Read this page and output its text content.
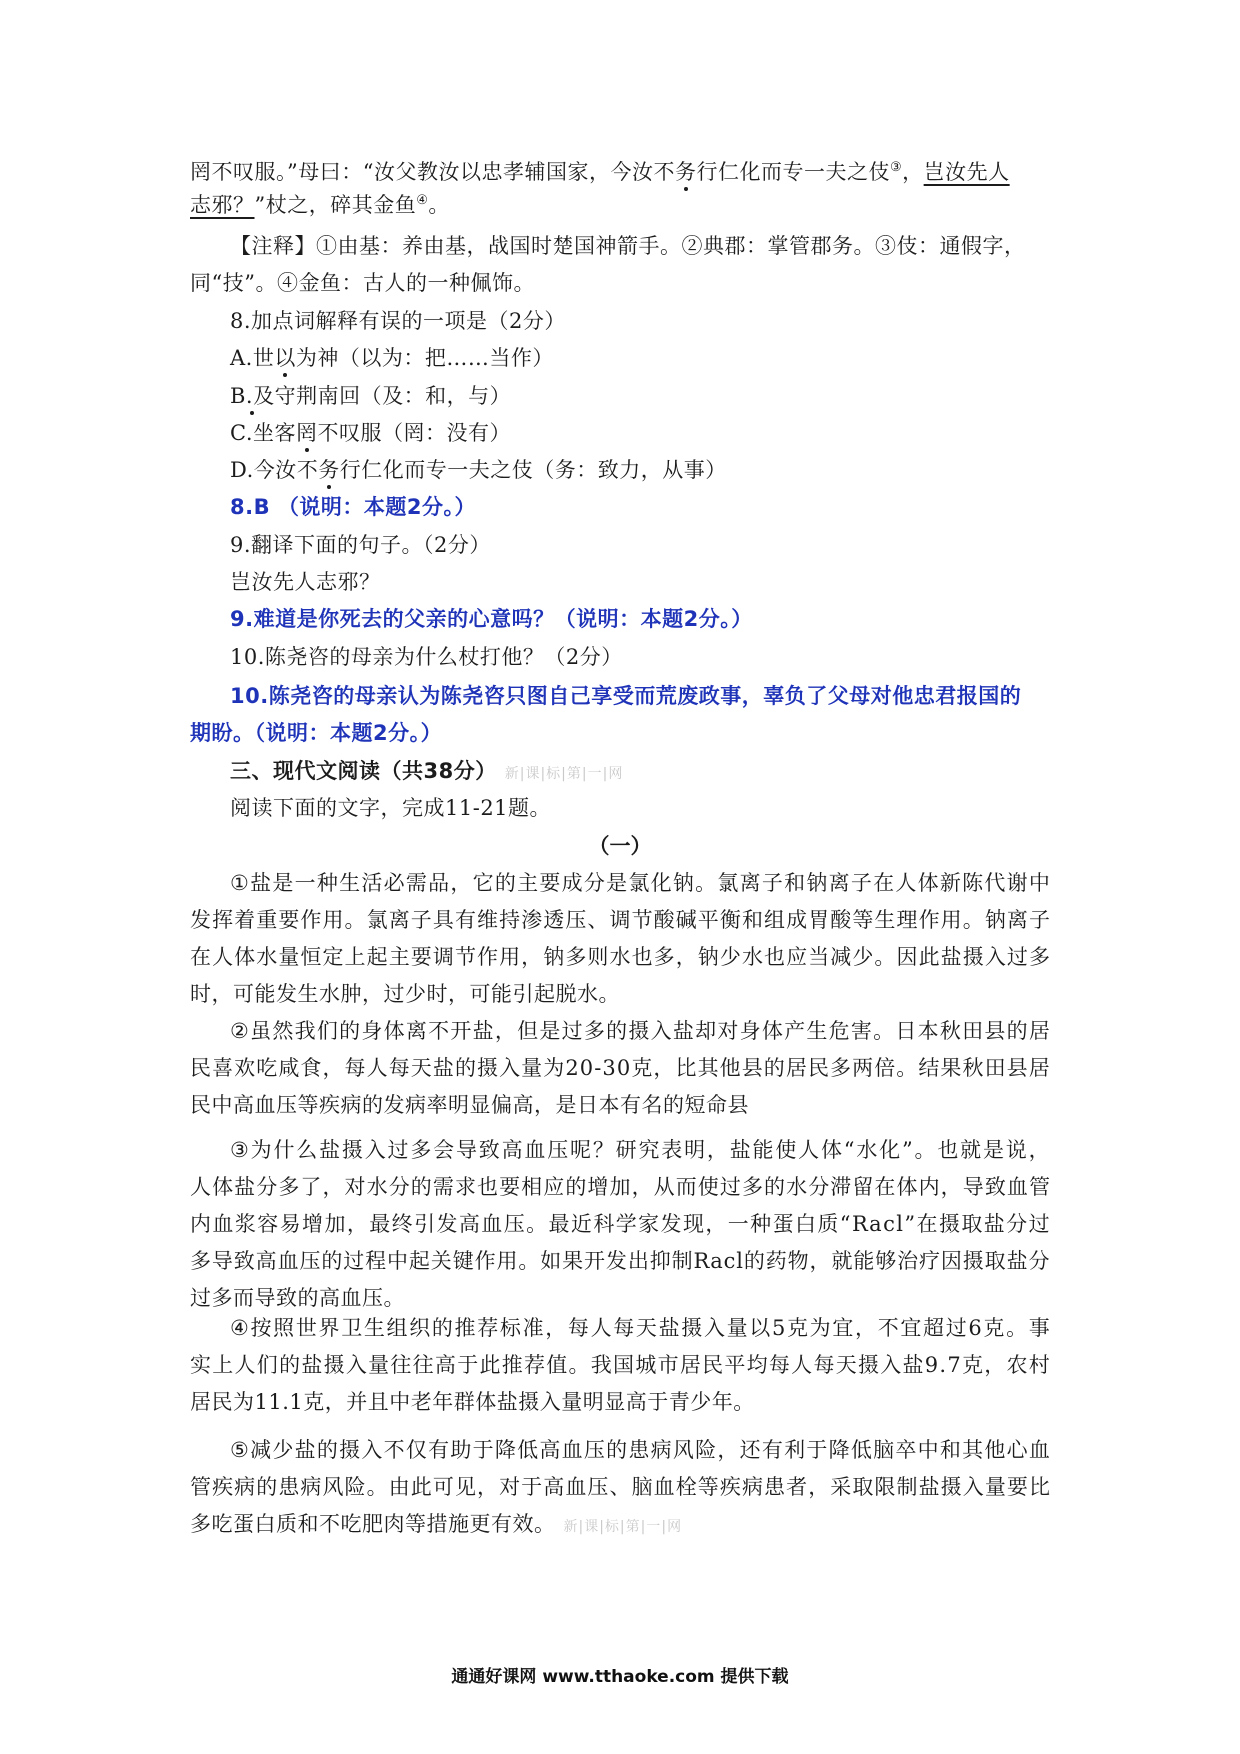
罔不叹服。”母曰：“汝父教汝以忠孝辅国家，今汝不务行仁化而专一夫之伎③，岂汝先人
志邪？”杖之，碎其金鱼④。
【注释】①由基：养由基，战国时楚国神箭手。②典郡：掌管郡务。③伎：通假字，
同“技”。④金鱼：古人的一种佩饰。
8.加点词解释有误的一项是（2分）
A.世以为神（以为：把……当作）
B.及守荆南回（及：和，与）
C.坐客罔不叹服（罔：没有）
D.今汝不务行仁化而专一夫之伎（务：致力，从事）
8.B （说明：本题2分。）
9.翻译下面的句子。（2分）
岂汝先人志邪？
9.难道是你死去的父亲的心意吗？（说明：本题2分。）
10.陈尧咨的母亲为什么杖打他？（2分）
10.陈尧咨的母亲认为陈尧咨只图自己享受而荒废政事，辜负了父母对他忠君报国的
期盼。（说明：本题2分。）
三、现代文阅读（共38分） 新|课|标|第|一|网
阅读下面的文字，完成11-21题。
（一）
① 盐 是 一 种 生 活 必 需 品 ， 它 的 主 要 成 分 是 氯 化 钠 。 氯 离 子 和 钠 离 子 在 人 体 新 陈 代 谢 中
发 挥 着 重 要 作 用 。 氯 离 子 具 有 维 持 渗 透 压 、 调 节 酸 碱 平 衡 和 组 成 胃 酸 等 生 理 作 用 。 钠 离 子
在 人 体 水 量 恒 定 上 起 主 要 调 节 作 用 ， 钠 多 则 水 也 多 ， 钠 少 水 也 应 当 减 少 。 因 此 盐 摄 入 过 多
时，可能发生水肿，过少时，可能引起脱水。
② 虽 然 我 们 的 身 体 离 不 开 盐 ， 但 是 过 多 的 摄 入 盐 却 对 身 体 产 生 危 害 。 日 本 秋 田 县 的 居
民 喜 欢 吃 咸 食 ， 每 人 每 天 盐 的 摄 入 量 为 2 0 - 3 0 克 ， 比 其 他 县 的 居 民 多 两 倍 。 结 果 秋 田 县 居
民中高血压等疾病的发病率明显偏高，是日本有名的短命县
③ 为 什 么 盐 摄 入 过 多 会 导 致 高 血 压 呢 ？ 研 究 表 明 ， 盐 能 使 人 体 “ 水 化 ” 。 也 就 是 说 ，
人 体 盐 分 多 了 ， 对 水 分 的 需 求 也 要 相 应 的 增 加 ， 从 而 使 过 多 的 水 分 滞 留 在 体 内 ， 导 致 血 管
内 血 浆 容 易 增 加 ， 最 终 引 发 高 血 压 。 最 近 科 学 家 发 现 ， 一 种 蛋 白 质 “ R a c l ” 在 摄 取 盐 分 过
多 导 致 高 血 压 的 过 程 中 起 关 键 作 用 。 如 果 开 发 出 抑 制 R a c l 的 药 物 ， 就 能 够 治 疗 因 摄 取 盐 分
过多而导致的高血压。
④ 按 照 世 界 卫 生 组 织 的 推 荐 标 准 ， 每 人 每 天 盐 摄 入 量 以 5 克 为 宜 ， 不 宜 超 过 6 克 。 事
实 上 人 们 的 盐 摄 入 量 往 往 高 于 此 推 荐 值 。 我 国 城 市 居 民 平 均 每 人 每 天 摄 入 盐 9 . 7 克 ， 农 村
居民为11.1克，并且中老年群体盐摄入量明显高于青少年。
⑤ 减 少 盐 的 摄 入 不 仅 有 助 于 降 低 高 血 压 的 患 病 风 险 ， 还 有 利 于 降 低 脑 卒 中 和 其 他 心 血
管 疾 病 的 患 病 风 险 。 由 此 可 见 ， 对 于 高 血 压 、 脑 血 栓 等 疾 病 患 者 ， 采 取 限 制 盐 摄 入 量 要 比
多吃蛋白质和不吃肥肉等措施更有效。 新|课|标|第|一|网
通通好课网 www.tthaoke.com 提供下载
